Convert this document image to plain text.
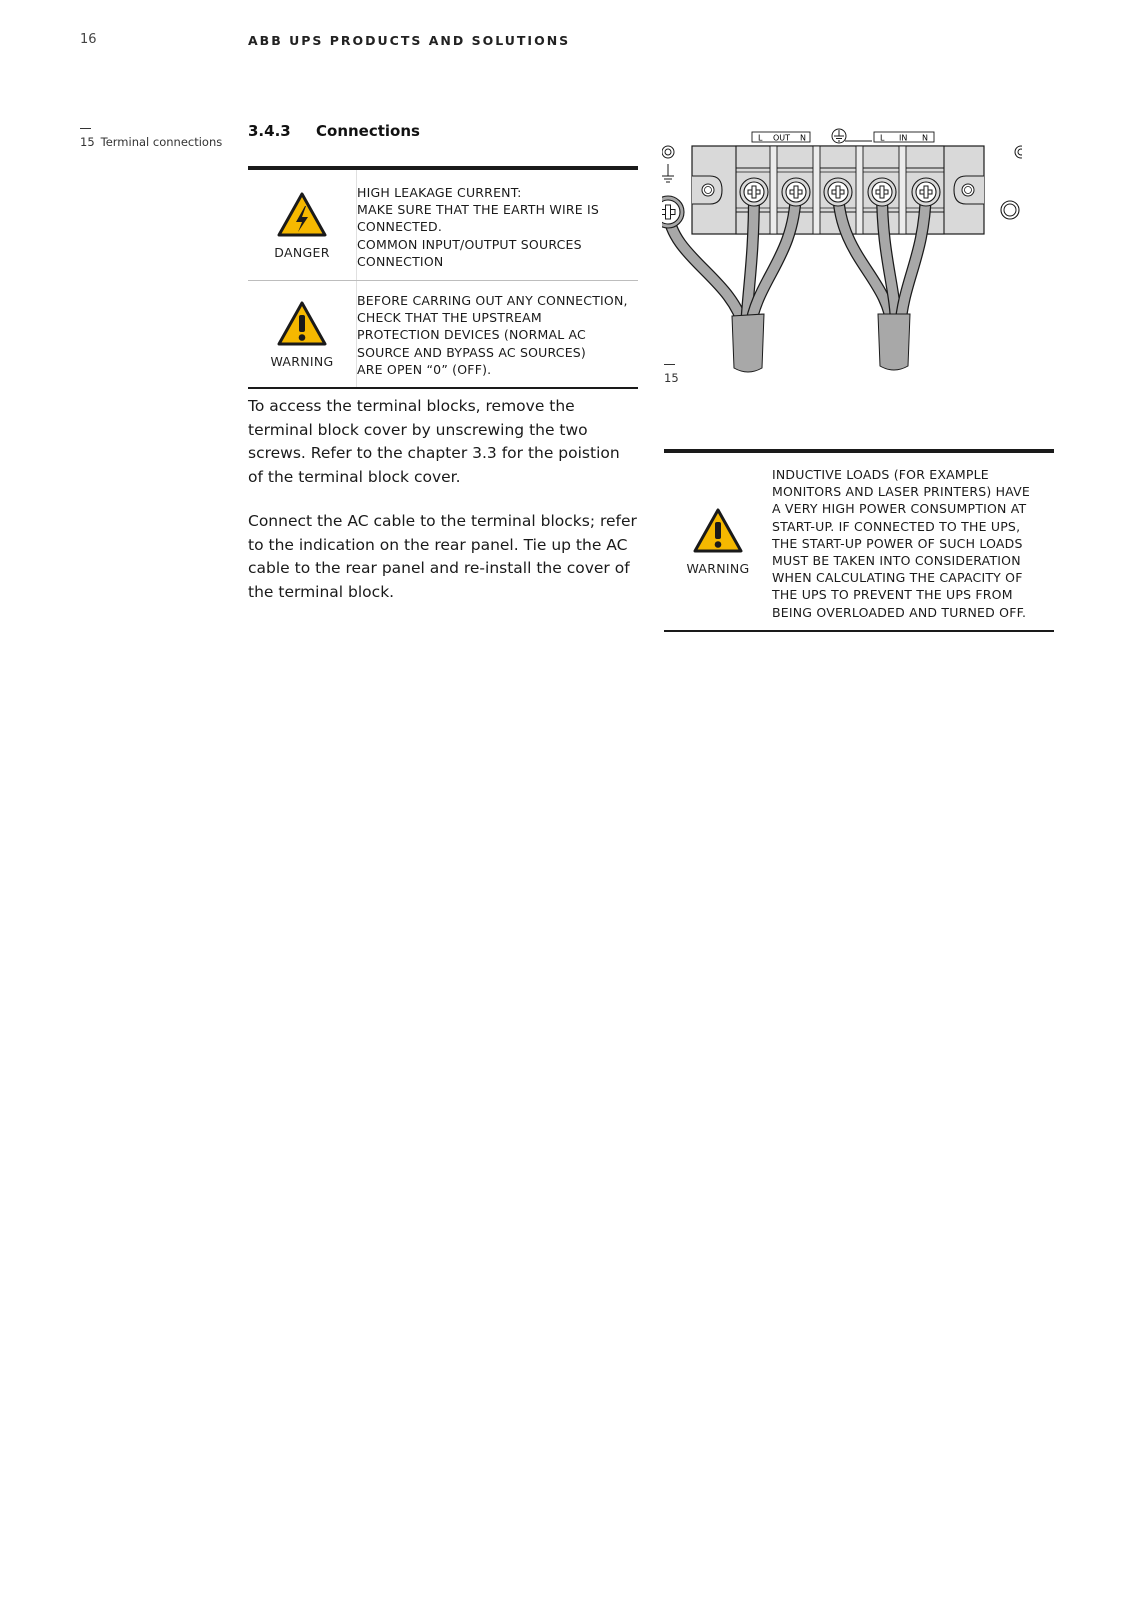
16	ABB UPS PRODUCTS AND SOLUTIONS
15 Terminal connections
3.4.3 Connections
DANGER
HIGH LEAKAGE CURRENT:
MAKE SURE THAT THE EARTH WIRE IS
CONNECTED.
COMMON INPUT/OUTPUT SOURCES
CONNECTION
WARNING
BEFORE CARRING OUT ANY CONNECTION,
CHECK THAT THE UPSTREAM
PROTECTION DEVICES (NORMAL AC
SOURCE AND BYPASS AC SOURCES)
ARE OPEN “0” (OFF).
To access the terminal blocks, remove the
terminal block cover by unscrewing the two
screws. Refer to the chapter 3.3 for the poistion
of the terminal block cover.
Connect the AC cable to the terminal blocks; refer
to the indication on the rear panel. Tie up the AC
cable to the rear panel and re-install the cover of
the terminal block.
L OUT N	L IN N
15
WARNING
INDUCTIVE LOADS (FOR EXAMPLE
MONITORS AND LASER PRINTERS) HAVE
A VERY HIGH POWER CONSUMPTION AT
START-UP. IF CONNECTED TO THE UPS,
THE START-UP POWER OF SUCH LOADS
MUST BE TAKEN INTO CONSIDERATION
WHEN CALCULATING THE CAPACITY OF
THE UPS TO PREVENT THE UPS FROM
BEING OVERLOADED AND TURNED OFF.
